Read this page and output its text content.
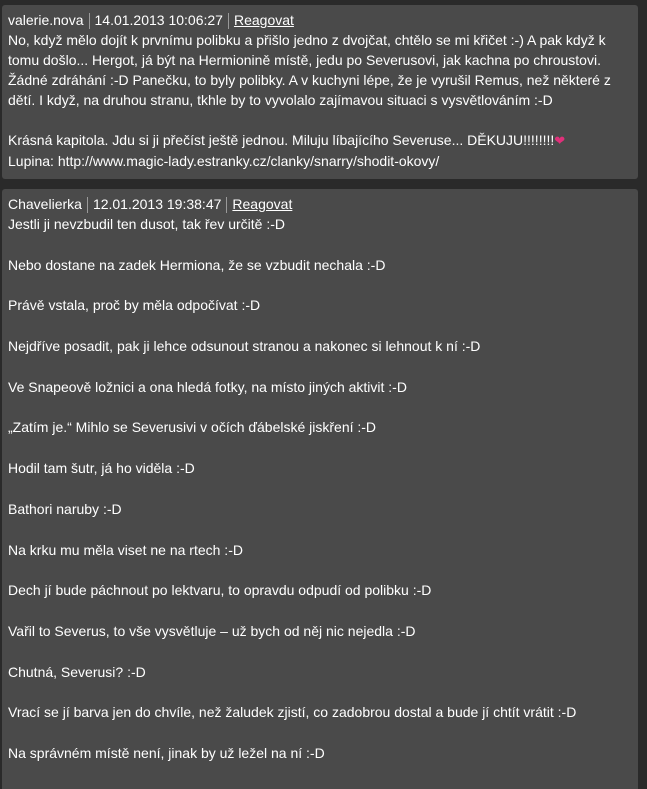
valerie.nova 14.01.2013 10:06:27 Reagovat

No, když mělo dojít k prvnímu polibku a přišlo jedno z dvojčat, chtělo se mi křičet :-) A pak když k tomu došlo... Hergot, já být na Hermionině místě, jedu po Severusovi, jak kachna po chroustovi. Žádné zdráhání :-D Panečku, to byly polibky. A v kuchyni lépe, že je vyrušil Remus, než některé z dětí. I když, na druhou stranu, tkhle by to vyvolalo zajímavou situaci s vysvětlováním :-D

Krásná kapitola. Jdu si ji přečíst ještě jednou. Miluju líbajícího Severuse... DĚKUJU!!!!!!!!❤

Lupina: http://www.magic-lady.estranky.cz/clanky/snarry/shodit-okovy/

Chavelierka 12.01.2013 19:38:47 Reagovat

Jestli ji nevzbudil ten dusot, tak řev určitě :-D

Nebo dostane na zadek Hermiona, že se vzbudit nechala :-D

Právě vstala, proč by měla odpočívat :-D

Nejdříve posadit, pak ji lehce odsunout stranou a nakonec si lehnout k ní :-D

Ve Snapeově ložnici a ona hledá fotky, na místo jiných aktivit :-D

„Zatím je.“ Mihlo se Severusivi v očích ďábelské jiskření :-D

Hodil tam šutr, já ho viděla :-D

Bathori naruby :-D

Na krku mu měla viset ne na rtech :-D

Dech jí bude páchnout po lektvaru, to opravdu odpudí od polibku :-D

Vařil to Severus, to vše vysvětluje – už bych od něj nic nejedla :-D

Chutná, Severusi? :-D

Vrací se jí barva jen do chvíle, než žaludek zjistí, co zadobrou dostal a bude jí chtít vrátit :-D

Na správném místě není, jinak by už ležel na ní :-D
